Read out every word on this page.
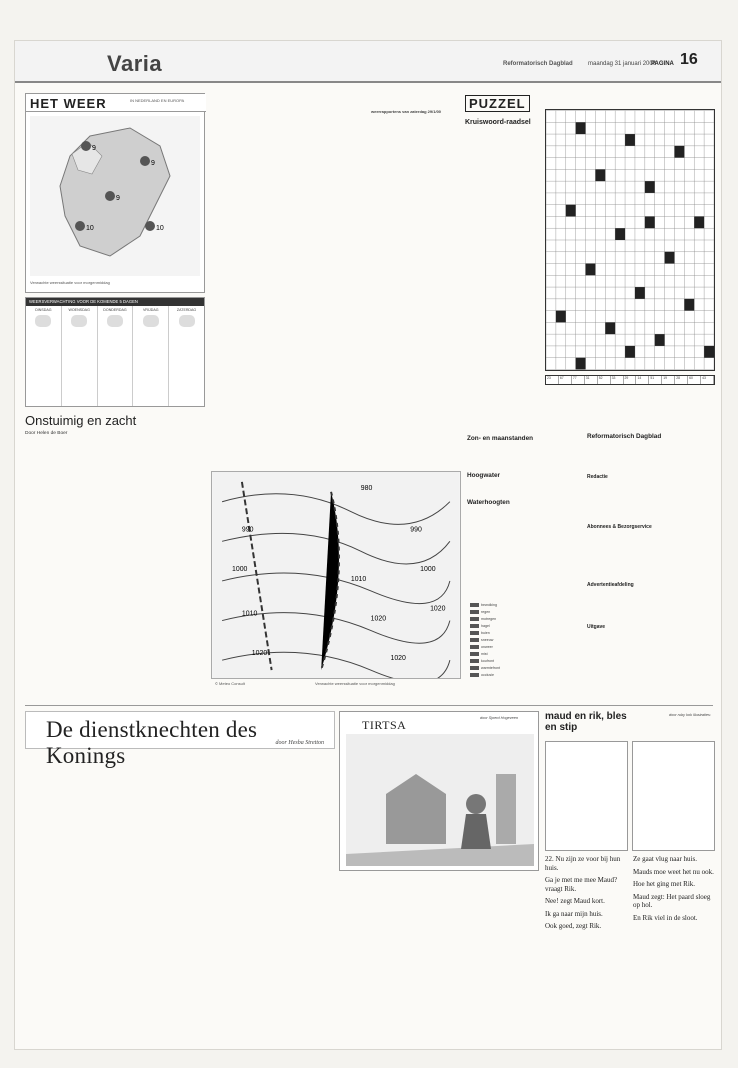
Varia	Reformatorisch Dagblad	maandag 31 januari 2000
PAGINA 16
HET WEER	IN NEDERLAND EN EUROPA
9
9
9
10	10
Verwachte weerssituatie voor morgenmiddag
WEERSVERWACHTING VOOR DE KOMENDE 5 DAGEN
DINSDAG	WOENSDAG	DONDERDAG	VRIJDAG	ZATERDAG
Onstuimig en zacht
Door Helen de Boer
weerrapportens van zaterdag 29/1/00
980
990	990
1000
1010
1000
1010
1020
1020
1020
1020
© Meteo Consult	Verwachte weerssituatie voor morgenmiddag
PUZZEL
Kruiswoord-raadsel
23	67	77	31	52	33	29	14	51	19	28	60	43
Zon- en maanstanden
Hoogwater
Waterhoogten
bewolking
regen
motregen
hagel
buien
sneeuw
onweer
mist
koufront
warmtefront
occlusie
Reformatorisch Dagblad
Redactie
Abonnees & Bezorgservice
Advertentieafdeling
Uitgave
De dienstknechten des Konings	door Hesba Stretton
TIRTSA	door Sjoerd Hogeveen	maud en rik, bles en stip
door ruby kok illustraties:

22. Nu zijn ze voor bij hun huis.

Ga je met me mee Maud? vraagt Rik.

Nee! zegt Maud kort.

Ik ga naar mijn huis.

Ook goed, zegt Rik.

Ze gaat vlug naar huis.

Mauds moe weet het nu ook.

Hoe het ging met Rik.

Maud zegt: Het paard sloeg op hol.

En Rik viel in de sloot.
